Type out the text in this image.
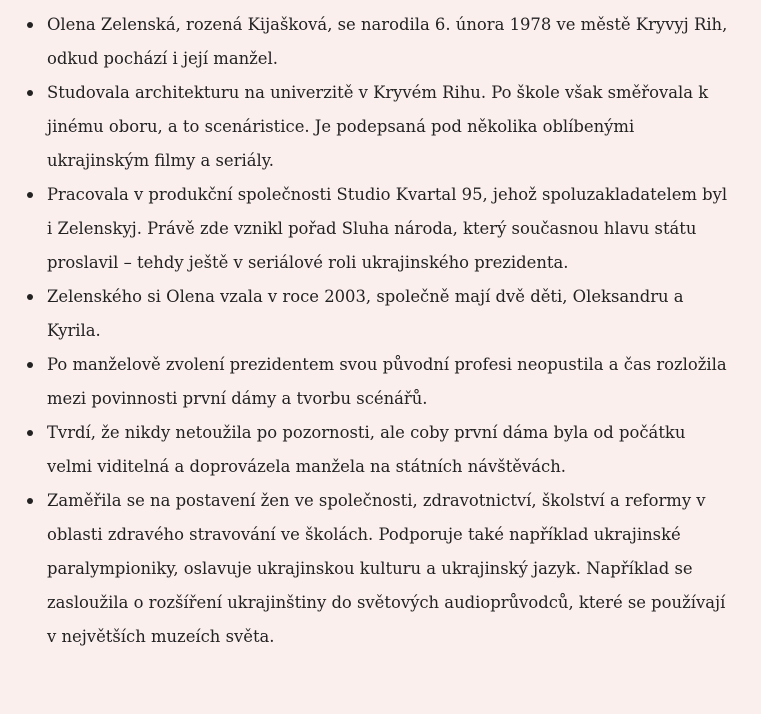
Olena Zelenská, rozená Kijašková, se narodila 6. února 1978 ve městě Kryvyj Rih, odkud pochází i její manžel.
Studovala architekturu na univerzitě v Kryvém Rihu. Po škole však směřovala k jinému oboru, a to scenáristice. Je podepsaná pod několika oblíbenými ukrajinským filmy a seriály.
Pracovala v produkční společnosti Studio Kvartal 95, jehož spoluzakladatelem byl i Zelenskyj. Právě zde vznikl pořad Sluha národa, který současnou hlavu státu proslavil – tehdy ještě v seriálové roli ukrajinského prezidenta.
Zelenského si Olena vzala v roce 2003, společně mají dvě děti, Oleksandru a Kyrila.
Po manželově zvolení prezidentem svou původní profesi neopustila a čas rozložila mezi povinnosti první dámy a tvorbu scénářů.
Tvrdí, že nikdy netoužila po pozornosti, ale coby první dáma byla od počátku velmi viditelná a doprovázela manžela na státních návštěvách.
Zaměřila se na postavení žen ve společnosti, zdravotnictví, školství a reformy v oblasti zdravého stravování ve školách. Podporuje také například ukrajinské paralympioniky, oslavuje ukrajinskou kulturu a ukrajinský jazyk. Například se zasloužila o rozšíření ukrajinštiny do světových audioprůvodců, které se používají v největších muzeích světa.
